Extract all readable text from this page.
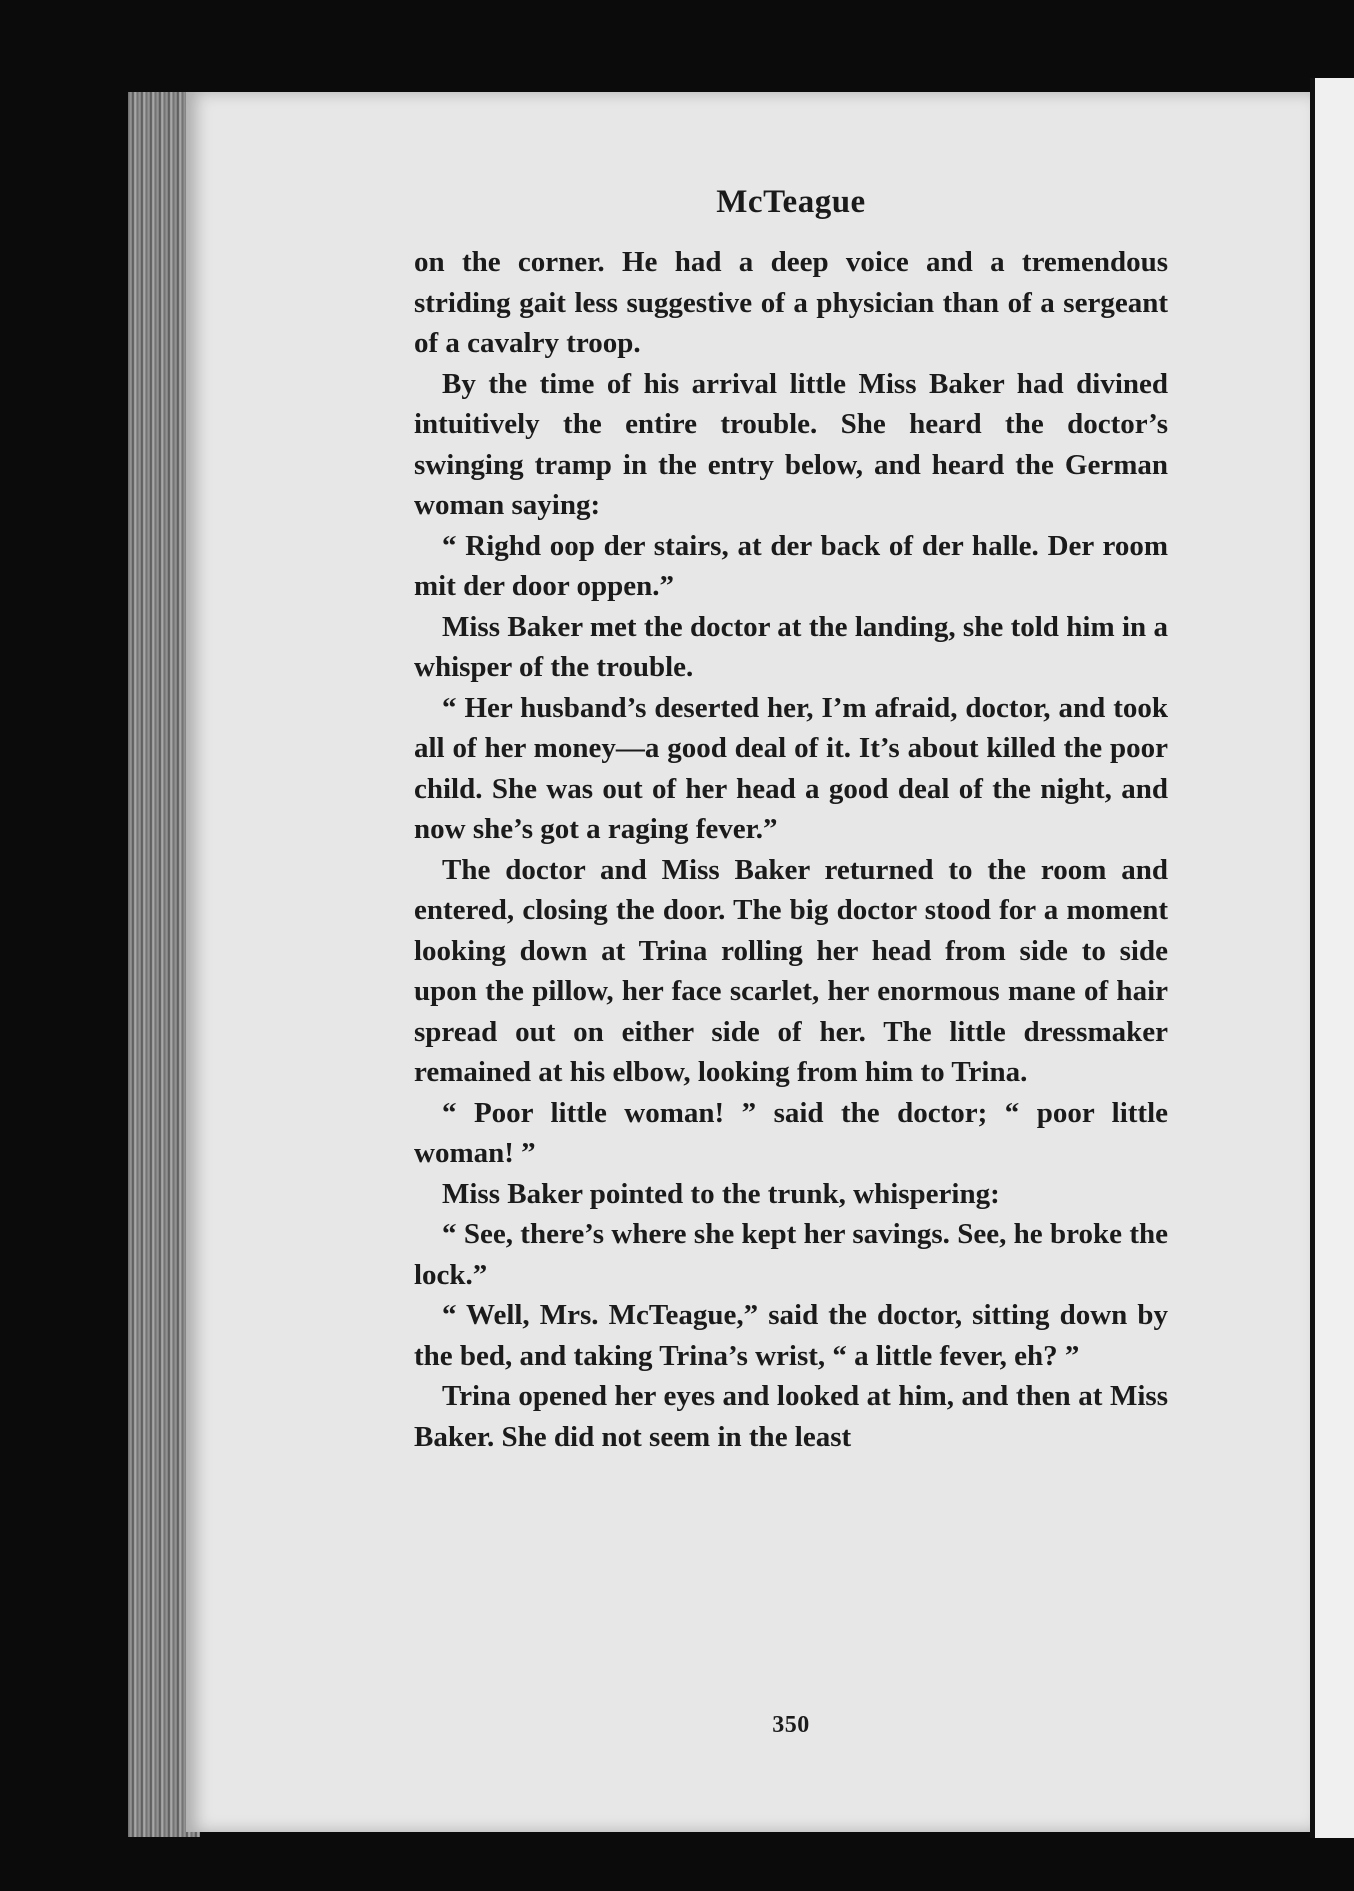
McTeague

on the corner. He had a deep voice and a tremendous striding gait less suggestive of a physician than of a sergeant of a cavalry troop.

By the time of his arrival little Miss Baker had divined intuitively the entire trouble. She heard the doctor’s swinging tramp in the entry below, and heard the German woman saying:

“ Righd oop der stairs, at der back of der halle. Der room mit der door oppen.”

Miss Baker met the doctor at the landing, she told him in a whisper of the trouble.

“ Her husband’s deserted her, I’m afraid, doctor, and took all of her money—a good deal of it. It’s about killed the poor child. She was out of her head a good deal of the night, and now she’s got a raging fever.”

The doctor and Miss Baker returned to the room and entered, closing the door. The big doctor stood for a moment looking down at Trina rolling her head from side to side upon the pillow, her face scarlet, her enormous mane of hair spread out on either side of her. The little dressmaker remained at his elbow, looking from him to Trina.

“ Poor little woman! ” said the doctor; “ poor little woman! ”

Miss Baker pointed to the trunk, whispering:

“ See, there’s where she kept her savings. See, he broke the lock.”

“ Well, Mrs. McTeague,” said the doctor, sitting down by the bed, and taking Trina’s wrist, “ a little fever, eh? ”

Trina opened her eyes and looked at him, and then at Miss Baker. She did not seem in the least

350
